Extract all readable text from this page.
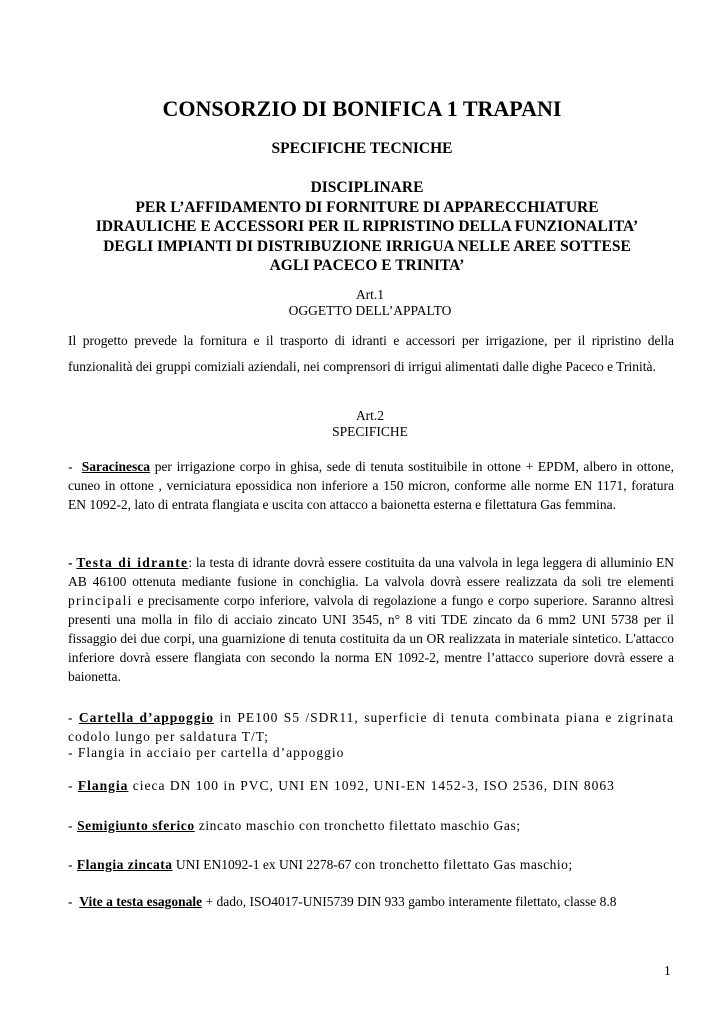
CONSORZIO DI BONIFICA 1 TRAPANI
SPECIFICHE TECNICHE
DISCIPLINARE
PER L’AFFIDAMENTO DI FORNITURE DI APPARECCHIATURE
IDRAULICHE E ACCESSORI PER IL RIPRISTINO DELLA FUNZIONALITA’
DEGLI IMPIANTI DI DISTRIBUZIONE IRRIGUA NELLE AREE SOTTESE
AGLI PACECO E TRINITA’
Art.1
OGGETTO DELL’APPALTO
Il progetto prevede la fornitura e il trasporto di idranti e accessori per irrigazione, per il ripristino della funzionalità dei gruppi comiziali aziendali, nei comprensori di irrigui alimentati dalle dighe Paceco e Trinità.
Art.2
SPECIFICHE
-  Saracinesca per irrigazione corpo in ghisa, sede di tenuta sostituibile in ottone + EPDM, albero in ottone, cuneo in ottone , verniciatura epossidica non inferiore a 150 micron, conforme alle norme EN 1171, foratura EN 1092-2, lato di entrata flangiata e uscita con attacco a baionetta esterna e filettatura Gas femmina.
- Testa di idrante: la testa di idrante dovrà essere costituita da una valvola in lega leggera di alluminio EN AB 46100 ottenuta mediante fusione in conchiglia. La valvola dovrà essere realizzata da soli tre elementi principali e precisamente corpo inferiore, valvola di regolazione a fungo e corpo superiore. Saranno altresì presenti una molla in filo di acciaio zincato UNI 3545, n° 8 viti TDE zincato da 6 mm2 UNI 5738 per il fissaggio dei due corpi, una guarnizione di tenuta costituita da un OR realizzata in materiale sintetico. L'attacco inferiore dovrà essere flangiata con secondo la norma EN 1092-2, mentre l’attacco superiore dovrà essere a baionetta.
- Cartella d’appoggio in PE100 S5 /SDR11, superficie di tenuta combinata piana e zigrinata codolo lungo per saldatura T/T;
- Flangia in acciaio per cartella d’appoggio
- Flangia cieca DN 100 in PVC, UNI EN 1092, UNI-EN 1452-3, ISO 2536, DIN 8063
- Semigiunto sferico zincato maschio con tronchetto filettato maschio Gas;
- Flangia zincata UNI EN1092-1 ex UNI 2278-67 con tronchetto filettato Gas maschio;
-  Vite a testa esagonale + dado, ISO4017-UNI5739 DIN 933 gambo interamente filettato, classe 8.8
1
